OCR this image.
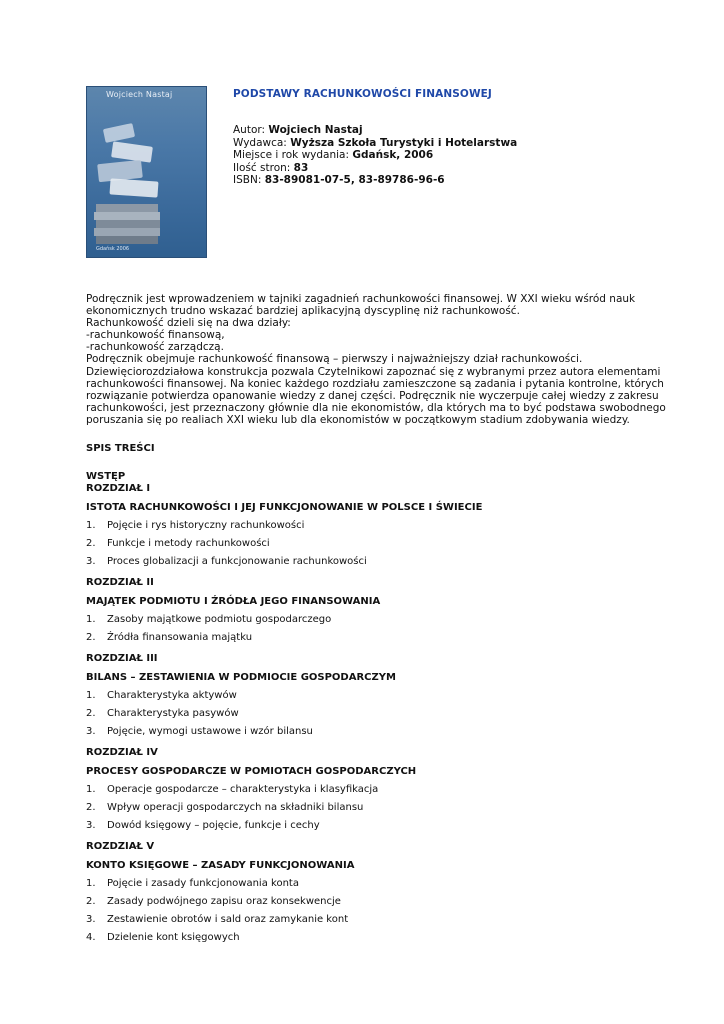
Wojciech Nastaj
Gdańsk 2006
PODSTAWY RACHUNKOWOŚCI FINANSOWEJ
Autor: Wojciech Nastaj
Wydawca: Wyższa Szkoła Turystyki i Hotelarstwa
Miejsce i rok wydania: Gdańsk, 2006
Ilość stron: 83
ISBN: 83-89081-07-5, 83-89786-96-6
Podręcznik jest wprowadzeniem w tajniki zagadnień rachunkowości finansowej. W XXI wieku wśród nauk
ekonomicznych trudno wskazać bardziej aplikacyjną dyscyplinę niż rachunkowość.
Rachunkowość dzieli się na dwa działy:
-rachunkowość finansową,
-rachunkowość zarządczą.
Podręcznik obejmuje rachunkowość finansową – pierwszy i najważniejszy dział rachunkowości.
Dziewięciorozdziałowa konstrukcja pozwala Czytelnikowi zapoznać się z wybranymi przez autora elementami
rachunkowości finansowej. Na koniec każdego rozdziału zamieszczone są zadania i pytania kontrolne, których
rozwiązanie potwierdza opanowanie wiedzy z danej części. Podręcznik nie wyczerpuje całej wiedzy z zakresu
rachunkowości, jest przeznaczony głównie dla nie ekonomistów, dla których ma to być podstawa swobodnego
poruszania się po realiach XXI wieku lub dla ekonomistów w początkowym stadium zdobywania wiedzy.
SPIS TREŚCI
WSTĘP
ROZDZIAŁ I
ISTOTA RACHUNKOWOŚCI I JEJ FUNKCJONOWANIE W POLSCE I ŚWIECIE
1.	Pojęcie i rys historyczny rachunkowości
2.	Funkcje i metody rachunkowości
3.	Proces globalizacji a funkcjonowanie rachunkowości
ROZDZIAŁ II
MAJĄTEK PODMIOTU I ŹRÓDŁA JEGO FINANSOWANIA
1.	Zasoby majątkowe podmiotu gospodarczego
2.	Źródła finansowania majątku
ROZDZIAŁ III
BILANS – ZESTAWIENIA W PODMIOCIE GOSPODARCZYM
1.	Charakterystyka aktywów
2.	Charakterystyka pasywów
3.	Pojęcie, wymogi ustawowe i wzór bilansu
ROZDZIAŁ IV
PROCESY GOSPODARCZE W POMIOTACH GOSPODARCZYCH
1.	Operacje gospodarcze – charakterystyka i klasyfikacja
2.	Wpływ operacji gospodarczych na składniki bilansu
3.	Dowód księgowy – pojęcie, funkcje i cechy
ROZDZIAŁ V
KONTO KSIĘGOWE – ZASADY FUNKCJONOWANIA
1.	Pojęcie i zasady funkcjonowania konta
2.	Zasady podwójnego zapisu oraz konsekwencje
3.	Zestawienie obrotów i sald oraz zamykanie kont
4.	Dzielenie kont księgowych
